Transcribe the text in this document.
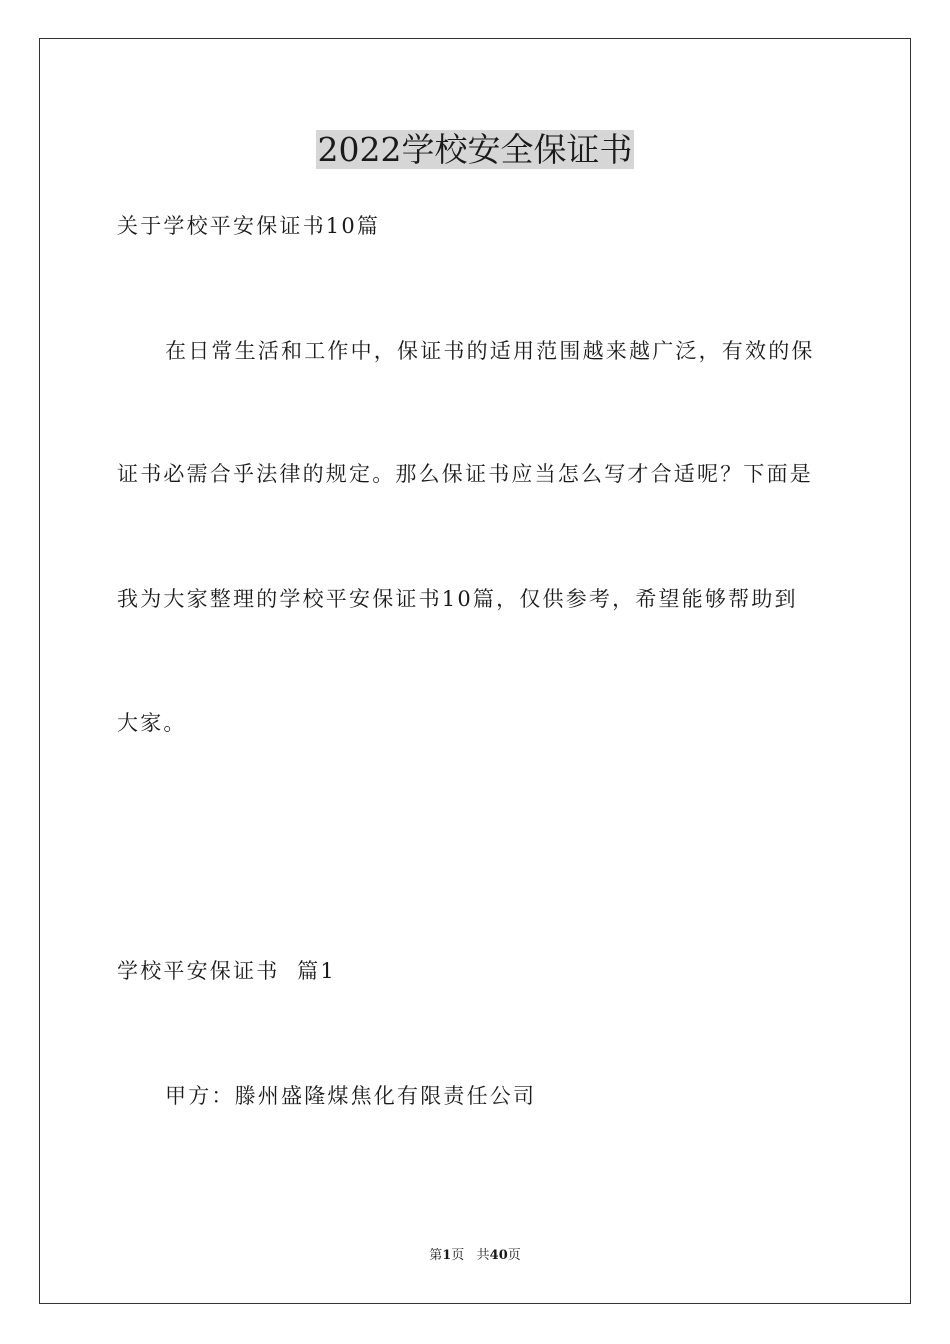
2022学校安全保证书
关于学校平安保证书10篇
在日常生活和工作中，保证书的适用范围越来越广泛，有效的保
证书必需合乎法律的规定。那么保证书应当怎么写才合适呢？下面是
我为大家整理的学校平安保证书10篇，仅供参考，希望能够帮助到
大家。
学校平安保证书  篇1
甲方：滕州盛隆煤焦化有限责任公司
第1页   共40页
